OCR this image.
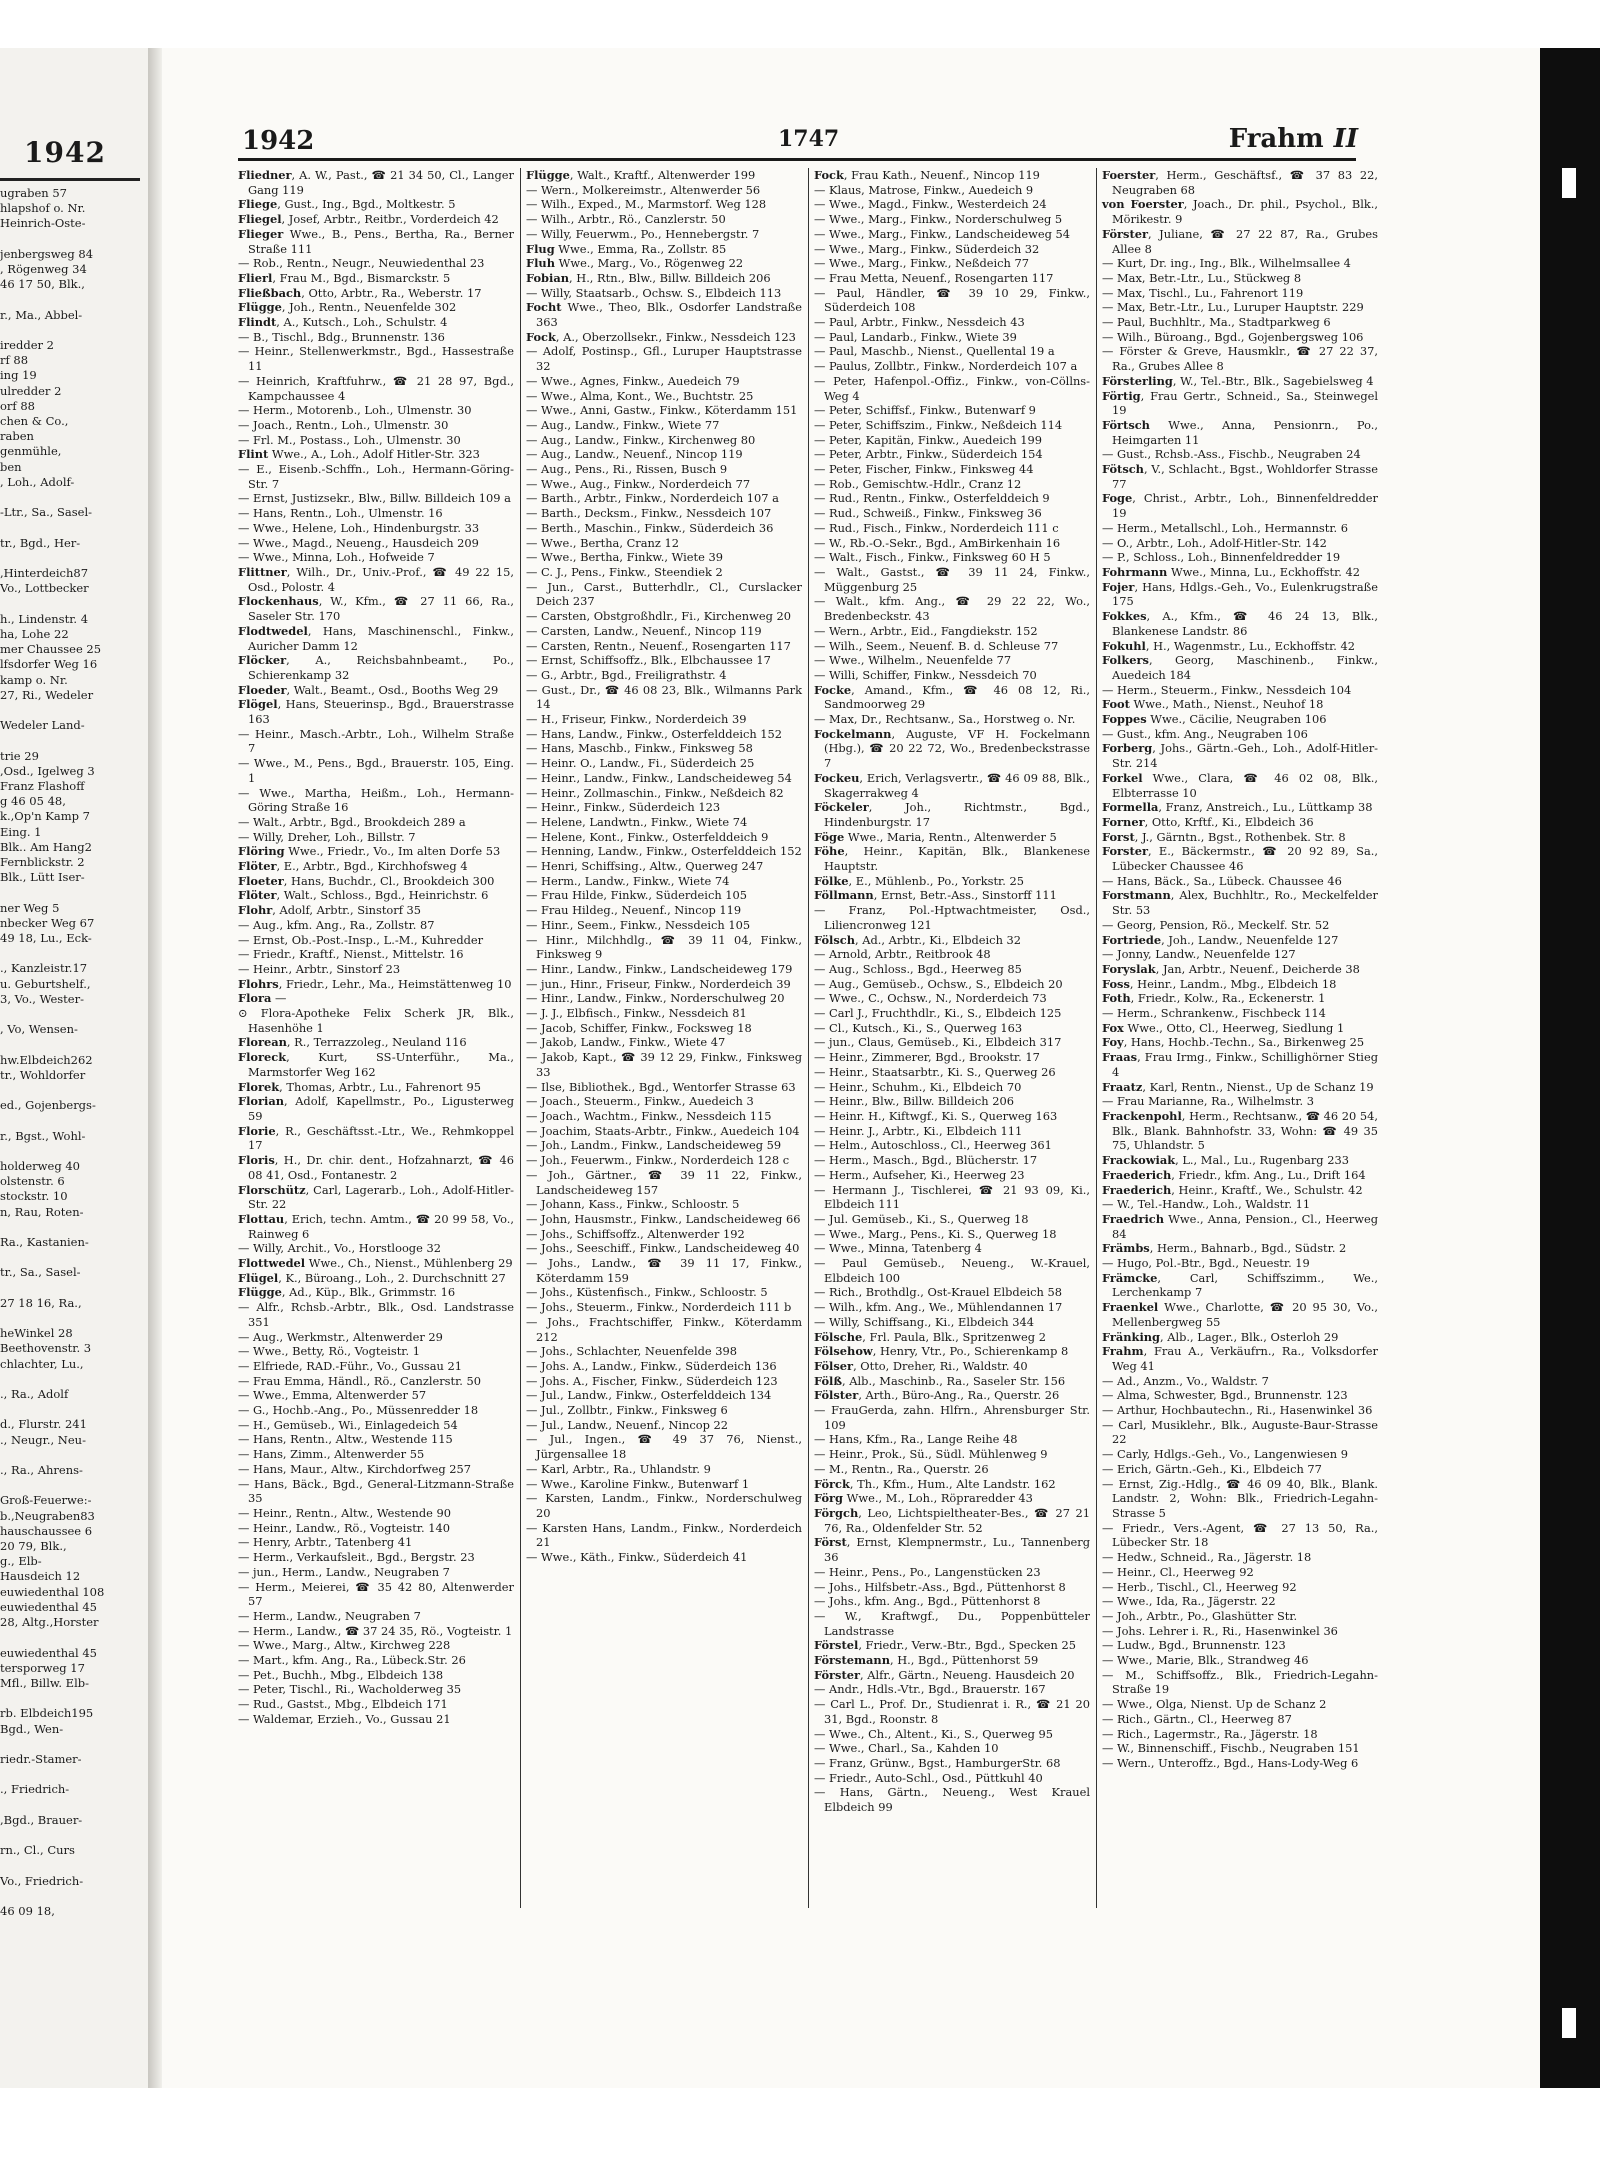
1942
ugraben 57
hlapshof o. Nr.
Heinrich-Oste-

jenbergsweg 84
, Rögenweg 34
46 17 50, Blk.,

r., Ma., Abbel-

iredder 2
rf 88
ing 19
ulredder 2
orf 88
chen & Co.,
raben
genmühle,
ben
, Loh., Adolf-

-Ltr., Sa., Sasel-

tr., Bgd., Her-

,Hinterdeich87
Vo., Lottbecker

h., Lindenstr. 4
ha, Lohe 22
mer Chaussee 25
lfsdorfer Weg 16
kamp o. Nr.
27, Ri., Wedeler

Wedeler Land-

trie 29
,Osd., Igelweg 3
Franz Flashoff
g 46 05 48,
k.,Op'n Kamp 7
Eing. 1
Blk.. Am Hang2
Fernblickstr. 2
Blk., Lütt Iser-

ner Weg 5
nbecker Weg 67
49 18, Lu., Eck-

., Kanzleistr.17
u. Geburtshelf.,
3, Vo., Wester-

, Vo, Wensen-

hw.Elbdeich262
tr., Wohldorfer

ed., Gojenbergs-

r., Bgst., Wohl-

holderweg 40
olstenstr. 6
stockstr. 10
n, Rau, Roten-

Ra., Kastanien-

tr., Sa., Sasel-

27 18 16, Ra.,

heWinkel 28
Beethovenstr. 3
chlachter, Lu.,

., Ra., Adolf

d., Flurstr. 241
., Neugr., Neu-

., Ra., Ahrens-

Groß-Feuerwe:-
b.,Neugraben83
hauschaussee 6
20 79, Blk.,
g., Elb-
Hausdeich 12
euwiedenthal 108
euwiedenthal 45
28, Altg.,Horster

euwiedenthal 45
tersporweg 17
Mfl., Billw. Elb-

rb. Elbdeich195
Bgd., Wen-

riedr.-Stamer-

., Friedrich-

,Bgd., Brauer-

rn., Cl., Curs

Vo., Friedrich-

46 09 18,
1942	1747	Frahm II
Fliedner, A. W., Past., ☎ 21 34 50, Cl., Langer Gang 119
Fliege, Gust., Ing., Bgd., Moltkestr. 5
Fliegel, Josef, Arbtr., Reitbr., Vorderdeich 42
Flieger Wwe., B., Pens., Bertha, Ra., Berner Straße 111
— Rob., Rentn., Neugr., Neuwiedenthal 23
Flierl, Frau M., Bgd., Bismarckstr. 5
Fließbach, Otto, Arbtr., Ra., Weberstr. 17
Flügge, Joh., Rentn., Neuenfelde 302
Flindt, A., Kutsch., Loh., Schulstr. 4
— B., Tischl., Bdg., Brunnenstr. 136
— Heinr., Stellenwerkmstr., Bgd., Hassestraße 11
— Heinrich, Kraftfuhrw., ☎ 21 28 97, Bgd., Kampchaussee 4
— Herm., Motorenb., Loh., Ulmenstr. 30
— Joach., Rentn., Loh., Ulmenstr. 30
— Frl. M., Postass., Loh., Ulmenstr. 30
Flint Wwe., A., Loh., Adolf Hitler-Str. 323
— E., Eisenb.-Schffn., Loh., Hermann-Göring-Str. 7
— Ernst, Justizsekr., Blw., Billw. Billdeich 109 a
— Hans, Rentn., Loh., Ulmenstr. 16
— Wwe., Helene, Loh., Hindenburgstr. 33
— Wwe., Magd., Neueng., Hausdeich 209
— Wwe., Minna, Loh., Hofweide 7
Flittner, Wilh., Dr., Univ.-Prof., ☎ 49 22 15, Osd., Polostr. 4
Flockenhaus, W., Kfm., ☎ 27 11 66, Ra., Saseler Str. 170
Flodtwedel, Hans, Maschinenschl., Finkw., Auricher Damm 12
Flöcker, A., Reichsbahnbeamt., Po., Schierenkamp 32
Floeder, Walt., Beamt., Osd., Booths Weg 29
Flögel, Hans, Steuerinsp., Bgd., Brauerstrasse 163
— Heinr., Masch.-Arbtr., Loh., Wilhelm Straße 7
— Wwe., M., Pens., Bgd., Brauerstr. 105, Eing. 1
— Wwe., Martha, Heißm., Loh., Hermann-Göring Straße 16
— Walt., Arbtr., Bgd., Brookdeich 289 a
— Willy, Dreher, Loh., Billstr. 7
Flöring Wwe., Friedr., Vo., Im alten Dorfe 53
Flöter, E., Arbtr., Bgd., Kirchhofsweg 4
Floeter, Hans, Buchdr., Cl., Brookdeich 300
Flöter, Walt., Schloss., Bgd., Heinrichstr. 6
Flohr, Adolf, Arbtr., Sinstorf 35
— Aug., kfm. Ang., Ra., Zollstr. 87
— Ernst, Ob.-Post.-Insp., L.-M., Kuhredder
— Friedr., Kraftf., Nienst., Mittelstr. 16
— Heinr., Arbtr., Sinstorf 23
Flohrs, Friedr., Lehr., Ma., Heimstättenweg 10
Flora —
⊙ Flora-Apotheke Felix Scherk JR, Blk., Hasenhöhe 1
Florean, R., Terrazzoleg., Neuland 116
Floreck, Kurt, SS-Unterführ., Ma., Marmstorfer Weg 162
Florek, Thomas, Arbtr., Lu., Fahrenort 95
Florian, Adolf, Kapellmstr., Po., Ligusterweg 59
Florie, R., Geschäftsst.-Ltr., We., Rehmkoppel 17
Floris, H., Dr. chir. dent., Hofzahnarzt, ☎ 46 08 41, Osd., Fontanestr. 2
Florschütz, Carl, Lagerarb., Loh., Adolf-Hitler-Str. 22
Flottau, Erich, techn. Amtm., ☎ 20 99 58, Vo., Rainweg 6
— Willy, Archit., Vo., Horstlooge 32
Flottwedel Wwe., Ch., Nienst., Mühlenberg 29
Flügel, K., Büroang., Loh., 2. Durchschnitt 27
Flügge, Ad., Küp., Blk., Grimmstr. 16
— Alfr., Rchsb.-Arbtr., Blk., Osd. Landstrasse 351
— Aug., Werkmstr., Altenwerder 29
— Wwe., Betty, Rö., Vogteistr. 1
— Elfriede, RAD.-Führ., Vo., Gussau 21
— Frau Emma, Händl., Rö., Canzlerstr. 50
— Wwe., Emma, Altenwerder 57
— G., Hochb.-Ang., Po., Müssenredder 18
— H., Gemüseb., Wi., Einlagedeich 54
— Hans, Rentn., Altw., Westende 115
— Hans, Zimm., Altenwerder 55
— Hans, Maur., Altw., Kirchdorfweg 257
— Hans, Bäck., Bgd., General-Litzmann-Straße 35
— Heinr., Rentn., Altw., Westende 90
— Heinr., Landw., Rö., Vogteistr. 140
— Henry, Arbtr., Tatenberg 41
— Herm., Verkaufsleit., Bgd., Bergstr. 23
— jun., Herm., Landw., Neugraben 7
— Herm., Meierei, ☎ 35 42 80, Altenwerder 57
— Herm., Landw., Neugraben 7
— Herm., Landw., ☎ 37 24 35, Rö., Vogteistr. 1
— Wwe., Marg., Altw., Kirchweg 228
— Mart., kfm. Ang., Ra., Lübeck.Str. 26
— Pet., Buchh., Mbg., Elbdeich 138
— Peter, Tischl., Ri., Wacholderweg 35
— Rud., Gastst., Mbg., Elbdeich 171
— Waldemar, Erzieh., Vo., Gussau 21
Flügge, Walt., Kraftf., Altenwerder 199
— Wern., Molkereimstr., Altenwerder 56
— Wilh., Exped., M., Marmstorf. Weg 128
— Wilh., Arbtr., Rö., Canzlerstr. 50
— Willy, Feuerwm., Po., Hennebergstr. 7
Flug Wwe., Emma, Ra., Zollstr. 85
Fluh Wwe., Marg., Vo., Rögenweg 22
Fobian, H., Rtn., Blw., Billw. Billdeich 206
— Willy, Staatsarb., Ochsw. S., Elbdeich 113
Focht Wwe., Theo, Blk., Osdorfer Landstraße 363
Fock, A., Oberzollsekr., Finkw., Nessdeich 123
— Adolf, Postinsp., Gfl., Luruper Hauptstrasse 32
— Wwe., Agnes, Finkw., Auedeich 79
— Wwe., Alma, Kont., We., Buchtstr. 25
— Wwe., Anni, Gastw., Finkw., Köterdamm 151
— Aug., Landw., Finkw., Wiete 77
— Aug., Landw., Finkw., Kirchenweg 80
— Aug., Landw., Neuenf., Nincop 119
— Aug., Pens., Ri., Rissen, Busch 9
— Wwe., Aug., Finkw., Norderdeich 77
— Barth., Arbtr., Finkw., Norderdeich 107 a
— Barth., Decksm., Finkw., Nessdeich 107
— Berth., Maschin., Finkw., Süderdeich 36
— Wwe., Bertha, Cranz 12
— Wwe., Bertha, Finkw., Wiete 39
— C. J., Pens., Finkw., Steendiek 2
— Jun., Carst., Butterhdlr., Cl., Curslacker Deich 237
— Carsten, Obstgroßhdlr., Fi., Kirchenweg 20
— Carsten, Landw., Neuenf., Nincop 119
— Carsten, Rentn., Neuenf., Rosengarten 117
— Ernst, Schiffsoffz., Blk., Elbchaussee 17
— G., Arbtr., Bgd., Freiligrathstr. 4
— Gust., Dr., ☎ 46 08 23, Blk., Wilmanns Park 14
— H., Friseur, Finkw., Norderdeich 39
— Hans, Landw., Finkw., Osterfelddeich 152
— Hans, Maschb., Finkw., Finksweg 58
— Heinr. O., Landw., Fi., Süderdeich 25
— Heinr., Landw., Finkw., Landscheideweg 54
— Heinr., Zollmaschin., Finkw., Neßdeich 82
— Heinr., Finkw., Süderdeich 123
— Helene, Landwtn., Finkw., Wiete 74
— Helene, Kont., Finkw., Osterfelddeich 9
— Henning, Landw., Finkw., Osterfelddeich 152
— Henri, Schiffsing., Altw., Querweg 247
— Herm., Landw., Finkw., Wiete 74
— Frau Hilde, Finkw., Süderdeich 105
— Frau Hildeg., Neuenf., Nincop 119
— Hinr., Seem., Finkw., Nessdeich 105
— Hinr., Milchhdlg., ☎ 39 11 04, Finkw., Finksweg 9
— Hinr., Landw., Finkw., Landscheideweg 179
— jun., Hinr., Friseur, Finkw., Norderdeich 39
— Hinr., Landw., Finkw., Norderschulweg 20
— J. J., Elbfisch., Finkw., Nessdeich 81
— Jacob, Schiffer, Finkw., Focksweg 18
— Jakob, Landw., Finkw., Wiete 47
— Jakob, Kapt., ☎ 39 12 29, Finkw., Finksweg 33
— Ilse, Bibliothek., Bgd., Wentorfer Strasse 63
— Joach., Steuerm., Finkw., Auedeich 3
— Joach., Wachtm., Finkw., Nessdeich 115
— Joachim, Staats-Arbtr., Finkw., Auedeich 104
— Joh., Landm., Finkw., Landscheideweg 59
— Joh., Feuerwm., Finkw., Norderdeich 128 c
— Joh., Gärtner., ☎ 39 11 22, Finkw., Landscheideweg 157
— Johann, Kass., Finkw., Schloostr. 5
— John, Hausmstr., Finkw., Landscheideweg 66
— Johs., Schiffsoffz., Altenwerder 192
— Johs., Seeschiff., Finkw., Landscheideweg 40
— Johs., Landw., ☎ 39 11 17, Finkw., Köterdamm 159
— Johs., Küstenfisch., Finkw., Schloostr. 5
— Johs., Steuerm., Finkw., Norderdeich 111 b
— Johs., Frachtschiffer, Finkw., Köterdamm 212
— Johs., Schlachter, Neuenfelde 398
— Johs. A., Landw., Finkw., Süderdeich 136
— Johs. A., Fischer, Finkw., Süderdeich 123
— Jul., Landw., Finkw., Osterfelddeich 134
— Jul., Zollbtr., Finkw., Finksweg 6
— Jul., Landw., Neuenf., Nincop 22
— Jul., Ingen., ☎ 49 37 76, Nienst., Jürgensallee 18
— Karl, Arbtr., Ra., Uhlandstr. 9
— Wwe., Karoline Finkw., Butenwarf 1
— Karsten, Landm., Finkw., Norderschulweg 20
— Karsten Hans, Landm., Finkw., Norderdeich 21
— Wwe., Käth., Finkw., Süderdeich 41
Fock, Frau Kath., Neuenf., Nincop 119
— Klaus, Matrose, Finkw., Auedeich 9
— Wwe., Magd., Finkw., Westerdeich 24
— Wwe., Marg., Finkw., Norderschulweg 5
— Wwe., Marg., Finkw., Landscheideweg 54
— Wwe., Marg., Finkw., Süderdeich 32
— Wwe., Marg., Finkw., Neßdeich 77
— Frau Metta, Neuenf., Rosengarten 117
— Paul, Händler, ☎ 39 10 29, Finkw., Süderdeich 108
— Paul, Arbtr., Finkw., Nessdeich 43
— Paul, Landarb., Finkw., Wiete 39
— Paul, Maschb., Nienst., Quellental 19 a
— Paulus, Zollbtr., Finkw., Norderdeich 107 a
— Peter, Hafenpol.-Offiz., Finkw., von-Cöllns-Weg 4
— Peter, Schiffsf., Finkw., Butenwarf 9
— Peter, Schiffszim., Finkw., Neßdeich 114
— Peter, Kapitän, Finkw., Auedeich 199
— Peter, Arbtr., Finkw., Süderdeich 154
— Peter, Fischer, Finkw., Finksweg 44
— Rob., Gemischtw.-Hdlr., Cranz 12
— Rud., Rentn., Finkw., Osterfelddeich 9
— Rud., Schweiß., Finkw., Finksweg 36
— Rud., Fisch., Finkw., Norderdeich 111 c
— W., Rb.-O.-Sekr., Bgd., AmBirkenhain 16
— Walt., Fisch., Finkw., Finksweg 60 H 5
— Walt., Gastst., ☎ 39 11 24, Finkw., Müggenburg 25
— Walt., kfm. Ang., ☎ 29 22 22, Wo., Bredenbeckstr. 43
— Wern., Arbtr., Eid., Fangdiekstr. 152
— Wilh., Seem., Neuenf. B. d. Schleuse 77
— Wwe., Wilhelm., Neuenfelde 77
— Willi, Schiffer, Finkw., Nessdeich 70
Focke, Amand., Kfm., ☎ 46 08 12, Ri., Sandmoorweg 29
— Max, Dr., Rechtsanw., Sa., Horstweg o. Nr.
Fockelmann, Auguste, VF H. Fockelmann (Hbg.), ☎ 20 22 72, Wo., Bredenbeckstrasse 7
Fockeu, Erich, Verlagsvertr., ☎ 46 09 88, Blk., Skagerrakweg 4
Föckeler, Joh., Richtmstr., Bgd., Hindenburgstr. 17
Föge Wwe., Maria, Rentn., Altenwerder 5
Föhe, Heinr., Kapitän, Blk., Blankenese Hauptstr.
Fölke, E., Mühlenb., Po., Yorkstr. 25
Föllmann, Ernst, Betr.-Ass., Sinstorff 111
— Franz, Pol.-Hptwachtmeister, Osd., Liliencronweg 121
Fölsch, Ad., Arbtr., Ki., Elbdeich 32
— Arnold, Arbtr., Reitbrook 48
— Aug., Schloss., Bgd., Heerweg 85
— Aug., Gemüseb., Ochsw., S., Elbdeich 20
— Wwe., C., Ochsw., N., Norderdeich 73
— Carl J., Fruchthdlr., Ki., S., Elbdeich 125
— Cl., Kutsch., Ki., S., Querweg 163
— jun., Claus, Gemüseb., Ki., Elbdeich 317
— Heinr., Zimmerer, Bgd., Brookstr. 17
— Heinr., Staatsarbtr., Ki. S., Querweg 26
— Heinr., Schuhm., Ki., Elbdeich 70
— Heinr., Blw., Billw. Billdeich 206
— Heinr. H., Kiftwgf., Ki. S., Querweg 163
— Heinr. J., Arbtr., Ki., Elbdeich 111
— Helm., Autoschloss., Cl., Heerweg 361
— Herm., Masch., Bgd., Blücherstr. 17
— Herm., Aufseher, Ki., Heerweg 23
— Hermann J., Tischlerei, ☎ 21 93 09, Ki., Elbdeich 111
— Jul. Gemüseb., Ki., S., Querweg 18
— Wwe., Marg., Pens., Ki. S., Querweg 18
— Wwe., Minna, Tatenberg 4
— Paul Gemüseb., Neueng., W.-Krauel, Elbdeich 100
— Rich., Brothdlg., Ost-Krauel Elbdeich 58
— Wilh., kfm. Ang., We., Mühlendannen 17
— Willy, Schiffsang., Ki., Elbdeich 344
Fölsche, Frl. Paula, Blk., Spritzenweg 2
Fölsehow, Henry, Vtr., Po., Schierenkamp 8
Fölser, Otto, Dreher, Ri., Waldstr. 40
Fölß, Alb., Maschinb., Ra., Saseler Str. 156
Fölster, Arth., Büro-Ang., Ra., Querstr. 26
— FrauGerda, zahn. Hlfrn., Ahrensburger Str. 109
— Hans, Kfm., Ra., Lange Reihe 48
— Heinr., Prok., Sü., Südl. Mühlenweg 9
— M., Rentn., Ra., Querstr. 26
Förck, Th., Kfm., Hum., Alte Landstr. 162
Förg Wwe., M., Loh., Röpraredder 43
Förgch, Leo, Lichtspieltheater-Bes., ☎ 27 21 76, Ra., Oldenfelder Str. 52
Först, Ernst, Klempnermstr., Lu., Tannenberg 36
— Heinr., Pens., Po., Langenstücken 23
— Johs., Hilfsbetr.-Ass., Bgd., Püttenhorst 8
— Johs., kfm. Ang., Bgd., Püttenhorst 8
— W., Kraftwgf., Du., Poppenbütteler Landstrasse
Förstel, Friedr., Verw.-Btr., Bgd., Specken 25
Förstemann, H., Bgd., Püttenhorst 59
Förster, Alfr., Gärtn., Neueng. Hausdeich 20
— Andr., Hdls.-Vtr., Bgd., Brauerstr. 167
— Carl L., Prof. Dr., Studienrat i. R., ☎ 21 20 31, Bgd., Roonstr. 8
— Wwe., Ch., Altent., Ki., S., Querweg 95
— Wwe., Charl., Sa., Kahden 10
— Franz, Grünw., Bgst., HamburgerStr. 68
— Friedr., Auto-Schl., Osd., Püttkuhl 40
— Hans, Gärtn., Neueng., West Krauel Elbdeich 99
Foerster, Herm., Geschäftsf., ☎ 37 83 22, Neugraben 68
von Foerster, Joach., Dr. phil., Psychol., Blk., Mörikestr. 9
Förster, Juliane, ☎ 27 22 87, Ra., Grubes Allee 8
— Kurt, Dr. ing., Ing., Blk., Wilhelmsallee 4
— Max, Betr.-Ltr., Lu., Stückweg 8
— Max, Tischl., Lu., Fahrenort 119
— Max, Betr.-Ltr., Lu., Luruper Hauptstr. 229
— Paul, Buchhltr., Ma., Stadtparkweg 6
— Wilh., Büroang., Bgd., Gojenbergsweg 106
— Förster & Greve, Hausmklr., ☎ 27 22 37, Ra., Grubes Allee 8
Försterling, W., Tel.-Btr., Blk., Sagebielsweg 4
Förtig, Frau Gertr., Schneid., Sa., Steinwegel 19
Förtsch Wwe., Anna, Pensionrn., Po., Heimgarten 11
— Gust., Rchsb.-Ass., Fischb., Neugraben 24
Fötsch, V., Schlacht., Bgst., Wohldorfer Strasse 77
Foge, Christ., Arbtr., Loh., Binnenfeldredder 19
— Herm., Metallschl., Loh., Hermannstr. 6
— O., Arbtr., Loh., Adolf-Hitler-Str. 142
— P., Schloss., Loh., Binnenfeldredder 19
Fohrmann Wwe., Minna, Lu., Eckhoffstr. 42
Fojer, Hans, Hdlgs.-Geh., Vo., Eulenkrugstraße 175
Fokkes, A., Kfm., ☎ 46 24 13, Blk., Blankenese Landstr. 86
Fokuhl, H., Wagenmstr., Lu., Eckhoffstr. 42
Folkers, Georg, Maschinenb., Finkw., Auedeich 184
— Herm., Steuerm., Finkw., Nessdeich 104
Foot Wwe., Math., Nienst., Neuhof 18
Foppes Wwe., Cäcilie, Neugraben 106
— Gust., kfm. Ang., Neugraben 106
Forberg, Johs., Gärtn.-Geh., Loh., Adolf-Hitler-Str. 214
Forkel Wwe., Clara, ☎ 46 02 08, Blk., Elbterrasse 10
Formella, Franz, Anstreich., Lu., Lüttkamp 38
Forner, Otto, Krftf., Ki., Elbdeich 36
Forst, J., Gärntn., Bgst., Rothenbek. Str. 8
Forster, E., Bäckermstr., ☎ 20 92 89, Sa., Lübecker Chaussee 46
— Hans, Bäck., Sa., Lübeck. Chaussee 46
Forstmann, Alex, Buchhltr., Ro., Meckelfelder Str. 53
— Georg, Pension, Rö., Meckelf. Str. 52
Fortriede, Joh., Landw., Neuenfelde 127
— Jonny, Landw., Neuenfelde 127
Foryslak, Jan, Arbtr., Neuenf., Deicherde 38
Foss, Heinr., Landm., Mbg., Elbdeich 18
Foth, Friedr., Kolw., Ra., Eckenerstr. 1
— Herm., Schrankenw., Fischbeck 114
Fox Wwe., Otto, Cl., Heerweg, Siedlung 1
Foy, Hans, Hochb.-Techn., Sa., Birkenweg 25
Fraas, Frau Irmg., Finkw., Schillighörner Stieg 4
Fraatz, Karl, Rentn., Nienst., Up de Schanz 19
— Frau Marianne, Ra., Wilhelmstr. 3
Frackenpohl, Herm., Rechtsanw., ☎ 46 20 54, Blk., Blank. Bahnhofstr. 33, Wohn: ☎ 49 35 75, Uhlandstr. 5
Frackowiak, L., Mal., Lu., Rugenbarg 233
Fraederich, Friedr., kfm. Ang., Lu., Drift 164
Fraederich, Heinr., Kraftf., We., Schulstr. 42
— W., Tel.-Handw., Loh., Waldstr. 11
Fraedrich Wwe., Anna, Pension., Cl., Heerweg 84
Främbs, Herm., Bahnarb., Bgd., Südstr. 2
— Hugo, Pol.-Btr., Bgd., Neuestr. 19
Främcke, Carl, Schiffszimm., We., Lerchenkamp 7
Fraenkel Wwe., Charlotte, ☎ 20 95 30, Vo., Mellenbergweg 55
Fränking, Alb., Lager., Blk., Osterloh 29
Frahm, Frau A., Verkäufrn., Ra., Volksdorfer Weg 41
— Ad., Anzm., Vo., Waldstr. 7
— Alma, Schwester, Bgd., Brunnenstr. 123
— Arthur, Hochbautechn., Ri., Hasenwinkel 36
— Carl, Musiklehr., Blk., Auguste-Baur-Strasse 22
— Carly, Hdlgs.-Geh., Vo., Langenwiesen 9
— Erich, Gärtn.-Geh., Ki., Elbdeich 77
— Ernst, Zig.-Hdlg., ☎ 46 09 40, Blk., Blank. Landstr. 2, Wohn: Blk., Friedrich-Legahn-Strasse 5
— Friedr., Vers.-Agent, ☎ 27 13 50, Ra., Lübecker Str. 18
— Hedw., Schneid., Ra., Jägerstr. 18
— Heinr., Cl., Heerweg 92
— Herb., Tischl., Cl., Heerweg 92
— Wwe., Ida, Ra., Jägerstr. 22
— Joh., Arbtr., Po., Glashütter Str.
— Johs. Lehrer i. R., Ri., Hasenwinkel 36
— Ludw., Bgd., Brunnenstr. 123
— Wwe., Marie, Blk., Strandweg 46
— M., Schiffsoffz., Blk., Friedrich-Legahn-Straße 19
— Wwe., Olga, Nienst. Up de Schanz 2
— Rich., Gärtn., Cl., Heerweg 87
— Rich., Lagermstr., Ra., Jägerstr. 18
— W., Binnenschiff., Fischb., Neugraben 151
— Wern., Unteroffz., Bgd., Hans-Lody-Weg 6
